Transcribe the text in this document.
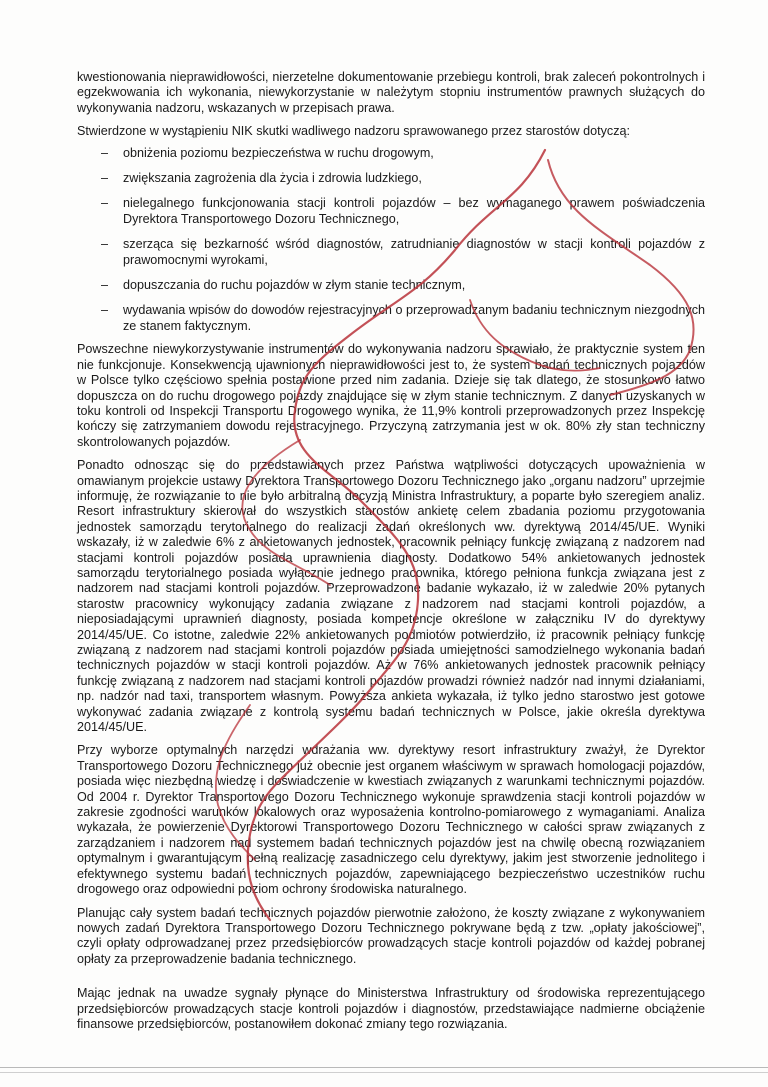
kwestionowania nieprawidłowości, nierzetelne dokumentowanie przebiegu kontroli, brak zaleceń pokontrolnych i egzekwowania ich wykonania, niewykorzystanie w należytym stopniu instrumentów prawnych służących do wykonywania nadzoru, wskazanych w przepisach prawa.

Stwierdzone w wystąpieniu NIK skutki wadliwego nadzoru sprawowanego przez starostów dotyczą:

– obniżenia poziomu bezpieczeństwa w ruchu drogowym,
– zwiększania zagrożenia dla życia i zdrowia ludzkiego,
– nielegalnego funkcjonowania stacji kontroli pojazdów – bez wymaganego prawem poświadczenia Dyrektora Transportowego Dozoru Technicznego,
– szerząca się bezkarność wśród diagnostów, zatrudnianie diagnostów w stacji kontroli pojazdów z prawomocnymi wyrokami,
– dopuszczania do ruchu pojazdów w złym stanie technicznym,
– wydawania wpisów do dowodów rejestracyjnych o przeprowadzanym badaniu technicznym niezgodnych ze stanem faktycznym.

Powszechne niewykorzystywanie instrumentów do wykonywania nadzoru sprawiało, że praktycznie system ten nie funkcjonuje. Konsekwencją ujawnionych nieprawidłowości jest to, że system badań technicznych pojazdów w Polsce tylko częściowo spełnia postawione przed nim zadania. Dzieje się tak dlatego, że stosunkowo łatwo dopuszcza on do ruchu drogowego pojazdy znajdujące się w złym stanie technicznym. Z danych uzyskanych w toku kontroli od Inspekcji Transportu Drogowego wynika, że 11,9% kontroli przeprowadzonych przez Inspekcję kończy się zatrzymaniem dowodu rejestracyjnego. Przyczyną zatrzymania jest w ok. 80% zły stan techniczny skontrolowanych pojazdów.

Ponadto odnosząc się do przedstawianych przez Państwa wątpliwości dotyczących upoważnienia w omawianym projekcie ustawy Dyrektora Transportowego Dozoru Technicznego jako „organu nadzoru” uprzejmie informuję, że rozwiązanie to nie było arbitralną decyzją Ministra Infrastruktury, a poparte było szeregiem analiz. Resort infrastruktury skierował do wszystkich starostów ankietę celem zbadania poziomu przygotowania jednostek samorządu terytorialnego do realizacji zadań określonych ww. dyrektywą 2014/45/UE. Wyniki wskazały, iż w zaledwie 6% z ankietowanych jednostek, pracownik pełniący funkcję związaną z nadzorem nad stacjami kontroli pojazdów posiada uprawnienia diagnosty. Dodatkowo 54% ankietowanych jednostek samorządu terytorialnego posiada wyłącznie jednego pracownika, którego pełniona funkcja związana jest z nadzorem nad stacjami kontroli pojazdów. Przeprowadzone badanie wykazało, iż w zaledwie 20% pytanych starostw pracownicy wykonujący zadania związane z nadzorem nad stacjami kontroli pojazdów, a nieposiadającymi uprawnień diagnosty, posiada kompetencje określone w załączniku IV do dyrektywy 2014/45/UE. Co istotne, zaledwie 22% ankietowanych podmiotów potwierdziło, iż pracownik pełniący funkcję związaną z nadzorem nad stacjami kontroli pojazdów posiada umiejętności samodzielnego wykonania badań technicznych pojazdów w stacji kontroli pojazdów. Aż w 76% ankietowanych jednostek pracownik pełniący funkcję związaną z nadzorem nad stacjami kontroli pojazdów prowadzi również nadzór nad innymi działaniami, np. nadzór nad taxi, transportem własnym. Powyższa ankieta wykazała, iż tylko jedno starostwo jest gotowe wykonywać zadania związane z kontrolą systemu badań technicznych w Polsce, jakie określa dyrektywa 2014/45/UE.

Przy wyborze optymalnych narzędzi wdrażania ww. dyrektywy resort infrastruktury zważył, że Dyrektor Transportowego Dozoru Technicznego już obecnie jest organem właściwym w sprawach homologacji pojazdów, posiada więc niezbędną wiedzę i doświadczenie w kwestiach związanych z warunkami technicznymi pojazdów. Od 2004 r. Dyrektor Transportowego Dozoru Technicznego wykonuje sprawdzenia stacji kontroli pojazdów w zakresie zgodności warunków lokalowych oraz wyposażenia kontrolno-pomiarowego z wymaganiami. Analiza wykazała, że powierzenie Dyrektorowi Transportowego Dozoru Technicznego w całości spraw związanych z zarządzaniem i nadzorem nad systemem badań technicznych pojazdów jest na chwilę obecną rozwiązaniem optymalnym i gwarantującym pełną realizację zasadniczego celu dyrektywy, jakim jest stworzenie jednolitego i efektywnego systemu badań technicznych pojazdów, zapewniającego bezpieczeństwo uczestników ruchu drogowego oraz odpowiedni poziom ochrony środowiska naturalnego.

Planując cały system badań technicznych pojazdów pierwotnie założono, że koszty związane z wykonywaniem nowych zadań Dyrektora Transportowego Dozoru Technicznego pokrywane będą z tzw. „opłaty jakościowej”, czyli opłaty odprowadzanej przez przedsiębiorców prowadzących stacje kontroli pojazdów od każdej pobranej opłaty za przeprowadzenie badania technicznego.

Mając jednak na uwadze sygnały płynące do Ministerstwa Infrastruktury od środowiska reprezentującego przedsiębiorców prowadzących stacje kontroli pojazdów i diagnostów, przedstawiające nadmierne obciążenie finansowe przedsiębiorców, postanowiłem dokonać zmiany tego rozwiązania.
